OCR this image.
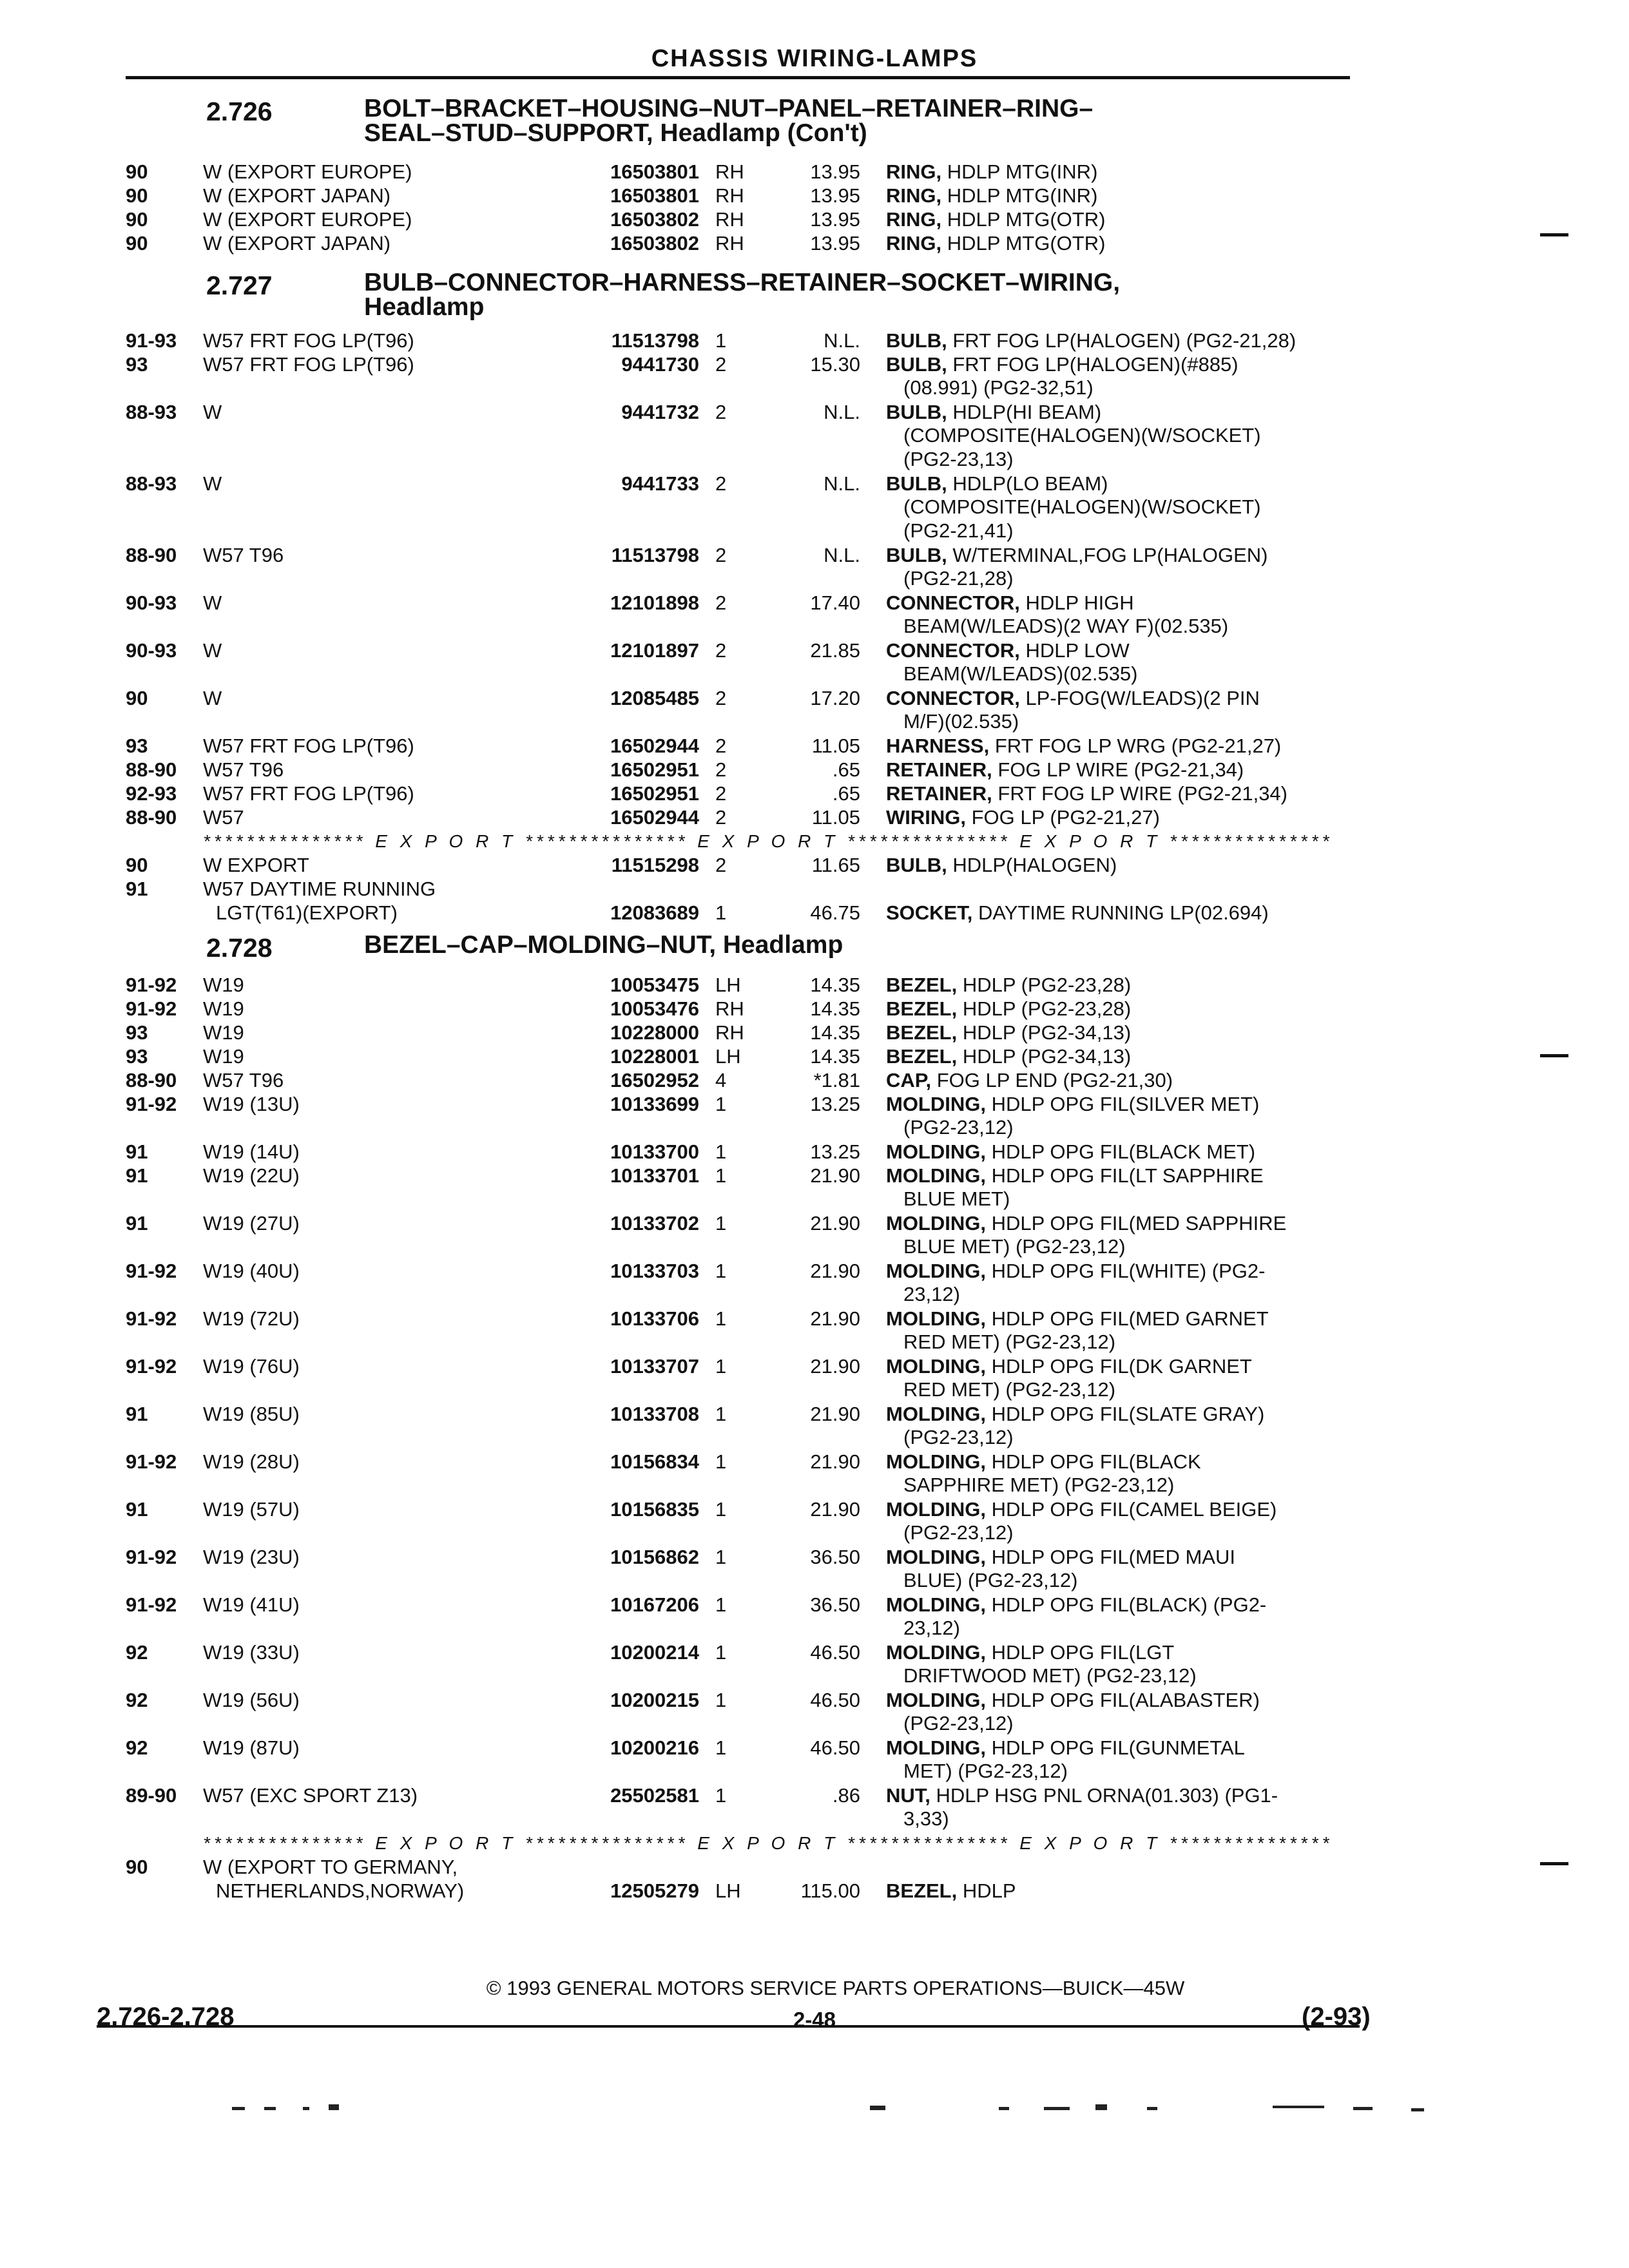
CHASSIS WIRING-LAMPS
2.726	BOLT–BRACKET–HOUSING–NUT–PANEL–RETAINER–RING–
SEAL–STUD–SUPPORT, Headlamp (Con't)
90	W (EXPORT EUROPE)	16503801 RH	13.95 RING, HDLP MTG(INR)
90	W (EXPORT JAPAN)	16503801 RH	13.95 RING, HDLP MTG(INR)
90	W (EXPORT EUROPE)	16503802 RH	13.95 RING, HDLP MTG(OTR)
90	W (EXPORT JAPAN)	16503802 RH	13.95 RING, HDLP MTG(OTR)
2.727	BULB–CONNECTOR–HARNESS–RETAINER–SOCKET–WIRING,
Headlamp
91-93 W57 FRT FOG LP(T96)	11513798 1	N.L. BULB, FRT FOG LP(HALOGEN) (PG2-21,28)
93	W57 FRT FOG LP(T96)	9441730 2	15.30 BULB, FRT FOG LP(HALOGEN)(#885)
(08.991) (PG2-32,51)
88-93 W	9441732 2	N.L. BULB, HDLP(HI BEAM)
(COMPOSITE(HALOGEN)(W/SOCKET)
(PG2-23,13)
88-93 W	9441733 2	N.L. BULB, HDLP(LO BEAM)
(COMPOSITE(HALOGEN)(W/SOCKET)
(PG2-21,41)
88-90 W57 T96	11513798 2	N.L. BULB, W/TERMINAL,FOG LP(HALOGEN)
(PG2-21,28)
90-93 W	12101898 2	17.40 CONNECTOR, HDLP HIGH
BEAM(W/LEADS)(2 WAY F)(02.535)
90-93 W	12101897 2	21.85 CONNECTOR, HDLP LOW
BEAM(W/LEADS)(02.535)
90	W	12085485 2	17.20 CONNECTOR, LP-FOG(W/LEADS)(2 PIN
M/F)(02.535)
93	W57 FRT FOG LP(T96)	16502944 2	11.05 HARNESS, FRT FOG LP WRG (PG2-21,27)
88-90 W57 T96	16502951 2	.65 RETAINER, FOG LP WIRE (PG2-21,34)
92-93 W57 FRT FOG LP(T96)	16502951 2	.65 RETAINER, FRT FOG LP WIRE (PG2-21,34)
88-90 W57	16502944 2	11.05 WIRING, FOG LP (PG2-21,27)
*************** E X P O R T *************** E X P O R T *************** E X P O R T ***************
90	W EXPORT	11515298 2	11.65 BULB, HDLP(HALOGEN)
91	W57 DAYTIME RUNNING
LGT(T61)(EXPORT)	12083689 1	46.75 SOCKET, DAYTIME RUNNING LP(02.694)
2.728	BEZEL–CAP–MOLDING–NUT, Headlamp
91-92 W19	10053475 LH	14.35 BEZEL, HDLP (PG2-23,28)
91-92 W19	10053476 RH	14.35 BEZEL, HDLP (PG2-23,28)
93	W19	10228000 RH	14.35 BEZEL, HDLP (PG2-34,13)
93	W19	10228001 LH	14.35 BEZEL, HDLP (PG2-34,13)
88-90 W57 T96	16502952 4	*1.81 CAP, FOG LP END (PG2-21,30)
91-92 W19 (13U)	10133699 1	13.25 MOLDING, HDLP OPG FIL(SILVER MET)
(PG2-23,12)
91	W19 (14U)	10133700 1	13.25 MOLDING, HDLP OPG FIL(BLACK MET)
91	W19 (22U)	10133701 1	21.90 MOLDING, HDLP OPG FIL(LT SAPPHIRE
BLUE MET)
91	W19 (27U)	10133702 1	21.90 MOLDING, HDLP OPG FIL(MED SAPPHIRE
BLUE MET) (PG2-23,12)
91-92 W19 (40U)	10133703 1	21.90 MOLDING, HDLP OPG FIL(WHITE) (PG2-
23,12)
91-92 W19 (72U)	10133706 1	21.90 MOLDING, HDLP OPG FIL(MED GARNET
RED MET) (PG2-23,12)
91-92 W19 (76U)	10133707 1	21.90 MOLDING, HDLP OPG FIL(DK GARNET
RED MET) (PG2-23,12)
91	W19 (85U)	10133708 1	21.90 MOLDING, HDLP OPG FIL(SLATE GRAY)
(PG2-23,12)
91-92 W19 (28U)	10156834 1	21.90 MOLDING, HDLP OPG FIL(BLACK
SAPPHIRE MET) (PG2-23,12)
91	W19 (57U)	10156835 1	21.90 MOLDING, HDLP OPG FIL(CAMEL BEIGE)
(PG2-23,12)
91-92 W19 (23U)	10156862 1	36.50 MOLDING, HDLP OPG FIL(MED MAUI
BLUE) (PG2-23,12)
91-92 W19 (41U)	10167206 1	36.50 MOLDING, HDLP OPG FIL(BLACK) (PG2-
23,12)
92	W19 (33U)	10200214 1	46.50 MOLDING, HDLP OPG FIL(LGT
DRIFTWOOD MET) (PG2-23,12)
92	W19 (56U)	10200215 1	46.50 MOLDING, HDLP OPG FIL(ALABASTER)
(PG2-23,12)
92	W19 (87U)	10200216 1	46.50 MOLDING, HDLP OPG FIL(GUNMETAL
MET) (PG2-23,12)
89-90 W57 (EXC SPORT Z13)	25502581 1	.86 NUT, HDLP HSG PNL ORNA(01.303) (PG1-
3,33)
*************** E X P O R T *************** E X P O R T *************** E X P O R T ***************
90	W (EXPORT TO GERMANY,
NETHERLANDS,NORWAY)	12505279 LH	115.00 BEZEL, HDLP
© 1993 GENERAL MOTORS SERVICE PARTS OPERATIONS—BUICK—45W
2.726-2.728	2-48	(2-93)
